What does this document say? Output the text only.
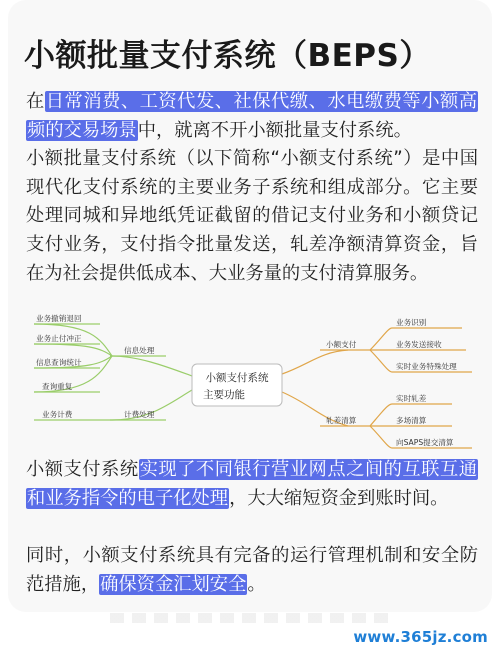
小额批量支付系统（BEPS）

在日常消费、工资代发、社保代缴、水电缴费等小额高频的交易场景中，就离不开小额批量支付系统。
小额批量支付系统（以下简称“小额支付系统”）是中国现代化支付系统的主要业务子系统和组成部分。它主要处理同城和异地纸凭证截留的借记支付业务和小额贷记支付业务，支付指令批量发送，轧差净额清算资金，旨在为社会提供低成本、大业务量的支付清算服务。

小额支付系统
主要功能
信息处理
计费处理
业务撤销退回
业务止付冲正
信息查询统计
查询重复
业务计费
小额支付
轧差清算
业务识别
业务发送接收
实时业务特殊处理
实时轧差
多场清算
向SAPS提交清算

小额支付系统实现了不同银行营业网点之间的互联互通和业务指令的电子化处理，大大缩短资金到账时间。

同时，小额支付系统具有完备的运行管理机制和安全防范措施，确保资金汇划安全。

www.365jz.com
